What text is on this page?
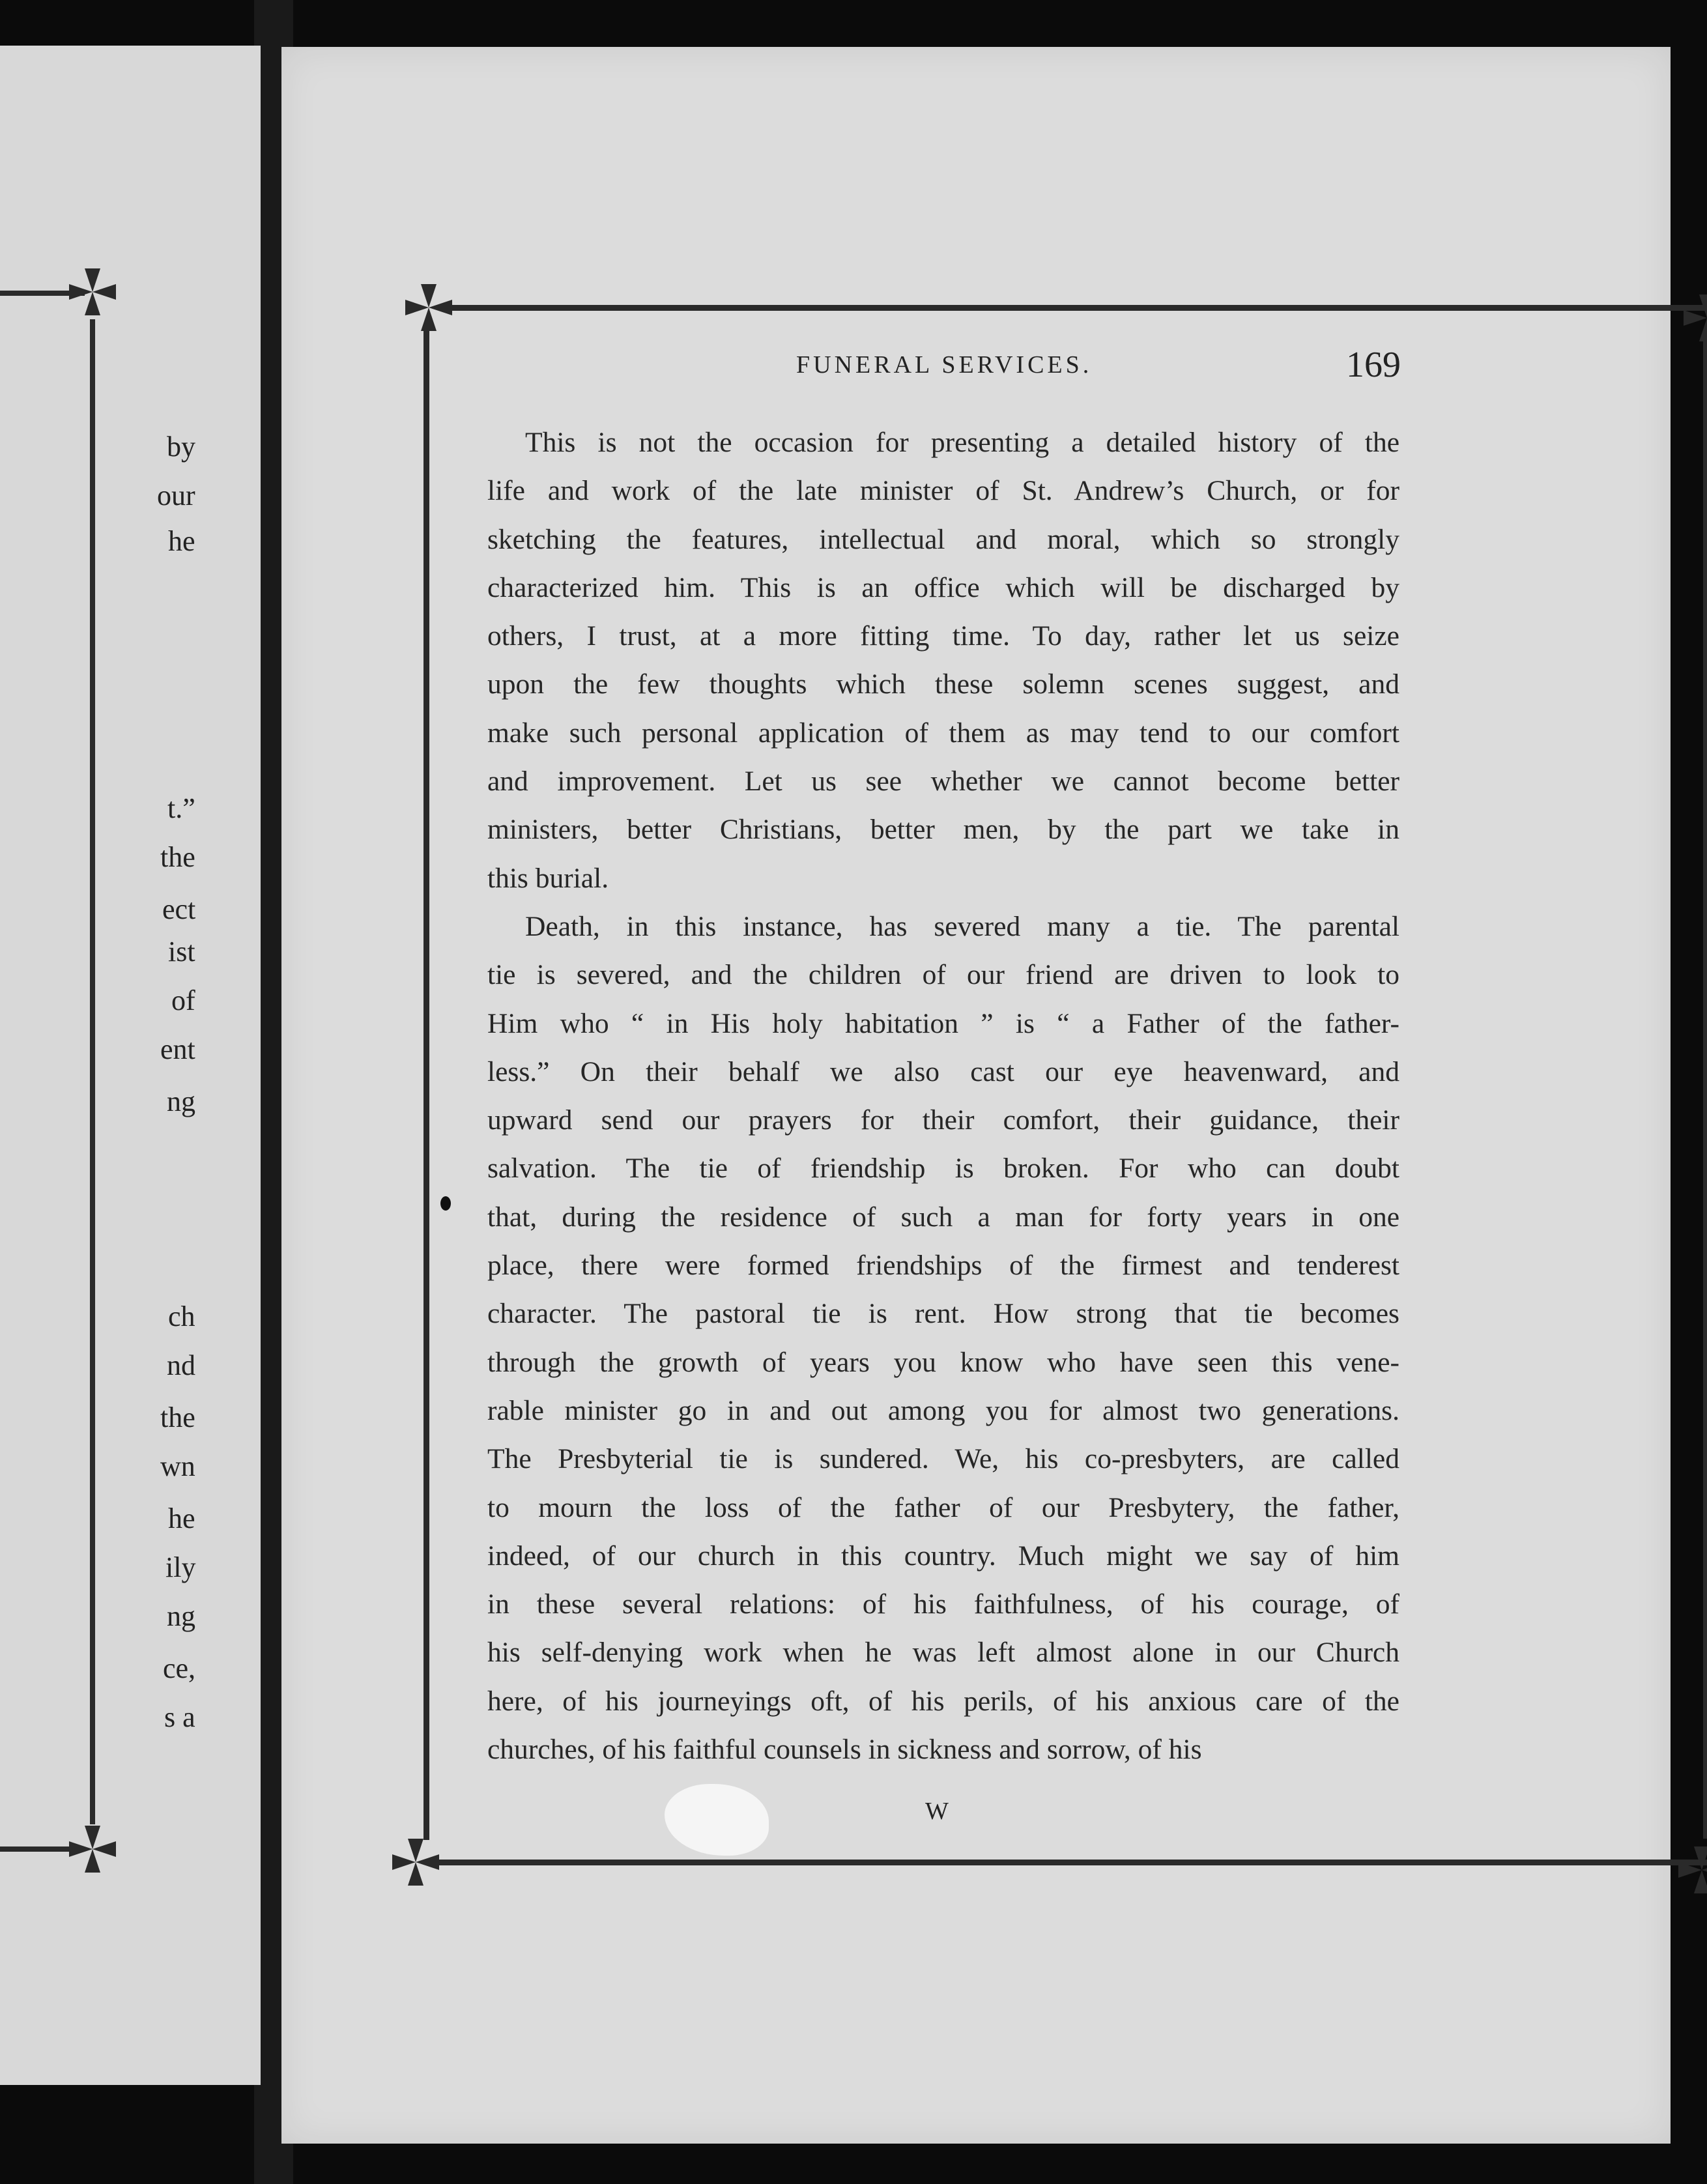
by
our
he
t.”
the
ect
ist
of
ent
ng
ch
nd
the
wn
he
ily
ng
ce,
s a
FUNERAL SERVICES.	169
This is not the occasion for presenting a detailed history of the
life and work of the late minister of St. Andrew’s Church, or for
sketching the features, intellectual and moral, which so strongly
characterized him. This is an office which will be discharged by
others, I trust, at a more fitting time. To day, rather let us seize
upon the few thoughts which these solemn scenes suggest, and
make such personal application of them as may tend to our comfort
and improvement. Let us see whether we cannot become better
ministers, better Christians, better men, by the part we take in
this burial.
Death, in this instance, has severed many a tie. The parental
tie is severed, and the children of our friend are driven to look to
Him who “ in His holy habitation ” is “ a Father of the father-
less.” On their behalf we also cast our eye heavenward, and
upward send our prayers for their comfort, their guidance, their
salvation. The tie of friendship is broken. For who can doubt
that, during the residence of such a man for forty years in one
place, there were formed friendships of the firmest and tenderest
character. The pastoral tie is rent. How strong that tie becomes
through the growth of years you know who have seen this vene-
rable minister go in and out among you for almost two generations.
The Presbyterial tie is sundered. We, his co-presbyters, are called
to mourn the loss of the father of our Presbytery, the father,
indeed, of our church in this country. Much might we say of him
in these several relations: of his faithfulness, of his courage, of
his self-denying work when he was left almost alone in our Church
here, of his journeyings oft, of his perils, of his anxious care of the
churches, of his faithful counsels in sickness and sorrow, of his
W
